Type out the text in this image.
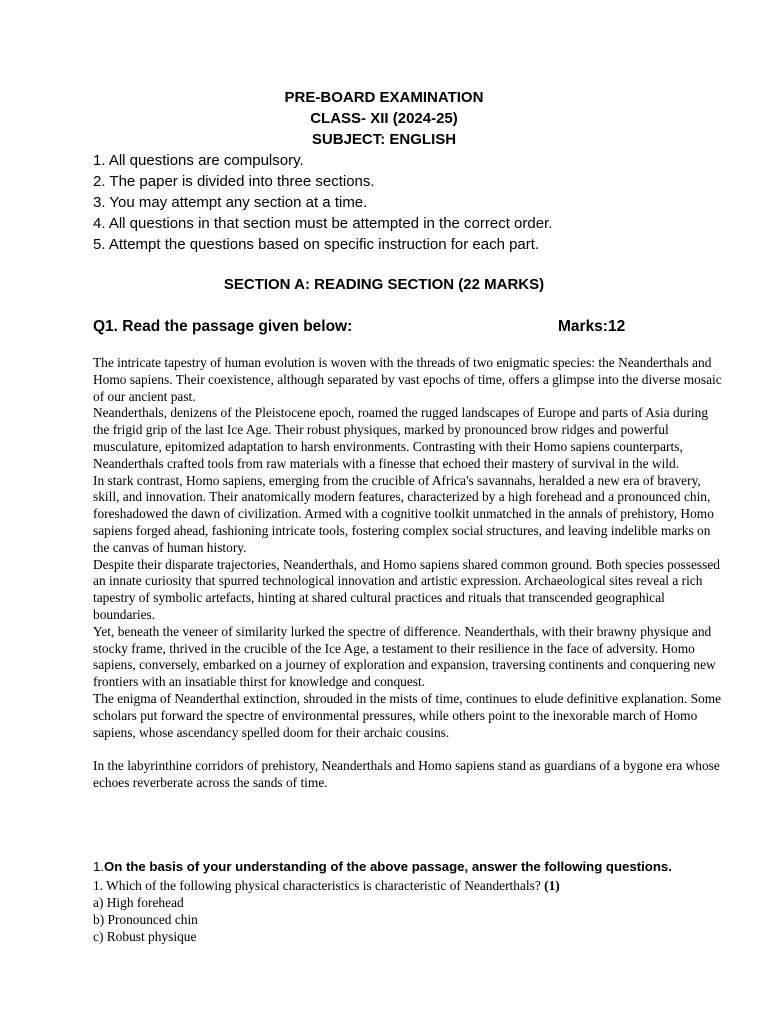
PRE-BOARD EXAMINATION
CLASS- XII (2024-25)
SUBJECT: ENGLISH
1. All questions are compulsory.
2. The paper is divided into three sections.
3. You may attempt any section at a time.
4. All questions in that section must be attempted in the correct order.
5. Attempt the questions based on specific instruction for each part.
SECTION A: READING SECTION (22 MARKS)
Q1. Read the passage given below:	Marks:12

The intricate tapestry of human evolution is woven with the threads of two enigmatic species: the Neanderthals and Homo sapiens. Their coexistence, although separated by vast epochs of time, offers a glimpse into the diverse mosaic of our ancient past.

Neanderthals, denizens of the Pleistocene epoch, roamed the rugged landscapes of Europe and parts of Asia during the frigid grip of the last Ice Age. Their robust physiques, marked by pronounced brow ridges and powerful musculature, epitomized adaptation to harsh environments. Contrasting with their Homo sapiens counterparts, Neanderthals crafted tools from raw materials with a finesse that echoed their mastery of survival in the wild.

In stark contrast, Homo sapiens, emerging from the crucible of Africa's savannahs, heralded a new era of bravery, skill, and innovation. Their anatomically modern features, characterized by a high forehead and a pronounced chin, foreshadowed the dawn of civilization. Armed with a cognitive toolkit unmatched in the annals of prehistory, Homo sapiens forged ahead, fashioning intricate tools, fostering complex social structures, and leaving indelible marks on the canvas of human history.

Despite their disparate trajectories, Neanderthals, and Homo sapiens shared common ground. Both species possessed an innate curiosity that spurred technological innovation and artistic expression. Archaeological sites reveal a rich tapestry of symbolic artefacts, hinting at shared cultural practices and rituals that transcended geographical boundaries.

Yet, beneath the veneer of similarity lurked the spectre of difference. Neanderthals, with their brawny physique and stocky frame, thrived in the crucible of the Ice Age, a testament to their resilience in the face of adversity. Homo sapiens, conversely, embarked on a journey of exploration and expansion, traversing continents and conquering new frontiers with an insatiable thirst for knowledge and conquest.

The enigma of Neanderthal extinction, shrouded in the mists of time, continues to elude definitive explanation. Some scholars put forward the spectre of environmental pressures, while others point to the inexorable march of Homo sapiens, whose ascendancy spelled doom for their archaic cousins.

In the labyrinthine corridors of prehistory, Neanderthals and Homo sapiens stand as guardians of a bygone era whose echoes reverberate across the sands of time.

1.On the basis of your understanding of the above passage, answer the following questions.
1. Which of the following physical characteristics is characteristic of Neanderthals? (1)
a) High forehead
b) Pronounced chin
c) Robust physique
